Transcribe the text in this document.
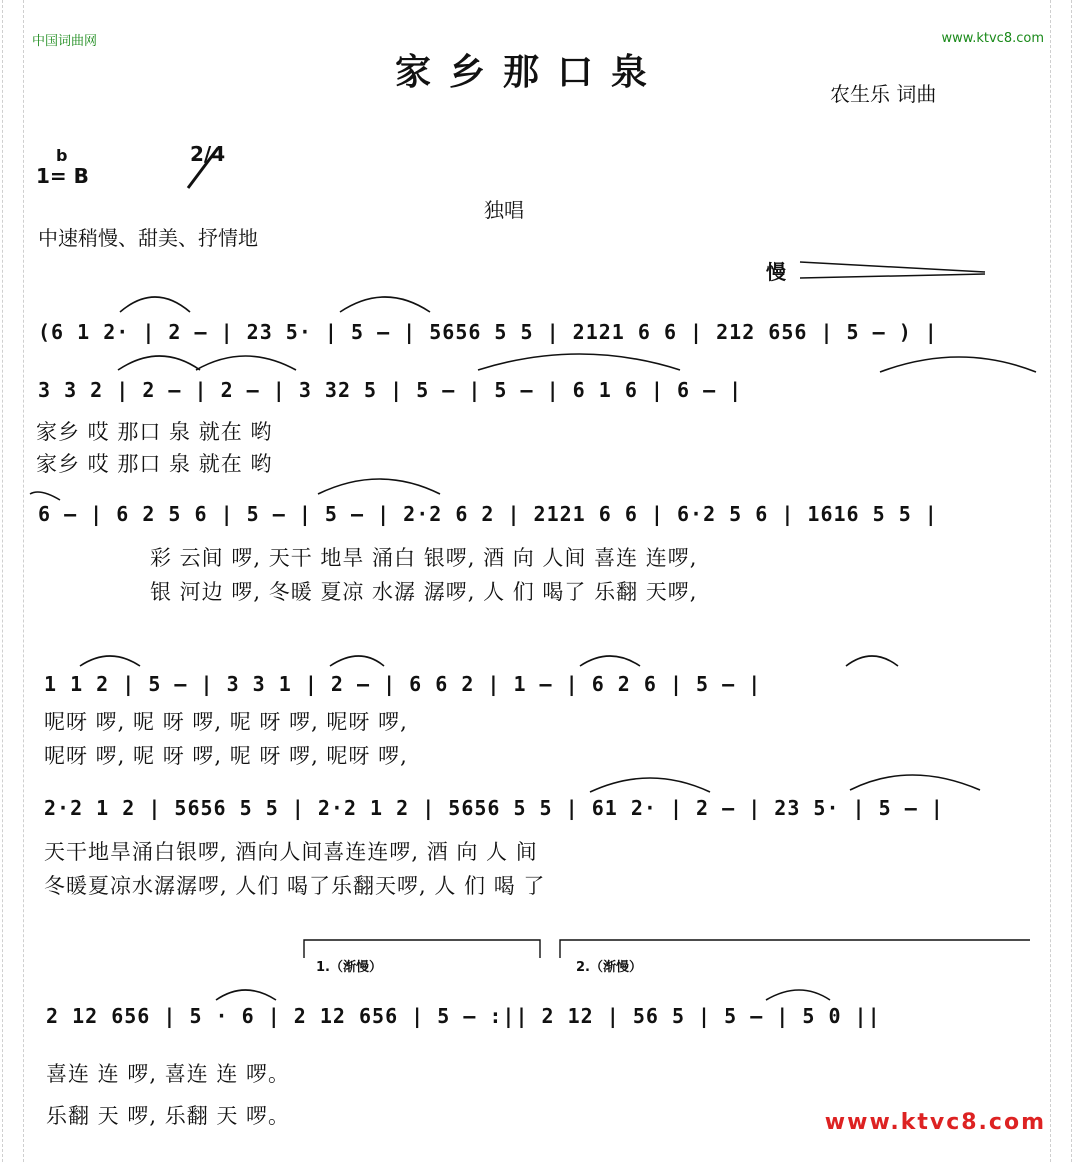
中国词曲网	www.ktvc8.com
家乡那口泉
农生乐 词曲
b
1= B
2/4
独唱
中速稍慢、甜美、抒情地
慢
(6 1 2· | 2 — | 23 5· | 5 — | 5656 5 5 | 2121 6 6 | 212 656 | 5 — ) |
3 3 2 | 2 — | 2 — | 3 32 5 | 5 — | 5 — | 6 1 6 | 6 — |
家乡 哎 那口 泉 就在 哟
家乡 哎 那口 泉 就在 哟
6 — | 6 2 5 6 | 5 — | 5 — | 2·2 6 2 | 2121 6 6 | 6·2 5 6 | 1616 5 5 |
彩 云间 啰, 天干 地旱 涌白 银啰, 酒 向 人间 喜连 连啰,
银 河边 啰, 冬暖 夏凉 水潺 潺啰, 人 们 喝了 乐翻 天啰,
1 1 2 | 5 — | 3 3 1 | 2 — | 6 6 2 | 1 — | 6 2 6 | 5 — |
呢呀 啰, 呢 呀 啰, 呢 呀 啰, 呢呀 啰,
呢呀 啰, 呢 呀 啰, 呢 呀 啰, 呢呀 啰,
2·2 1 2 | 5656 5 5 | 2·2 1 2 | 5656 5 5 | 61 2· | 2 — | 23 5· | 5 — |
天干地旱涌白银啰, 酒向人间喜连连啰, 酒 向 人 间
冬暖夏凉水潺潺啰, 人们 喝了乐翻天啰, 人 们 喝 了
1.（渐慢）	2.（渐慢）
2 12 656 | 5 · 6 | 2 12 656 | 5 — :|| 2 12 | 56 5 | 5 — | 5 0 ||
喜连 连 啰, 喜连 连 啰。
乐翻 天 啰, 乐翻 天 啰。	www.ktvc8.com
